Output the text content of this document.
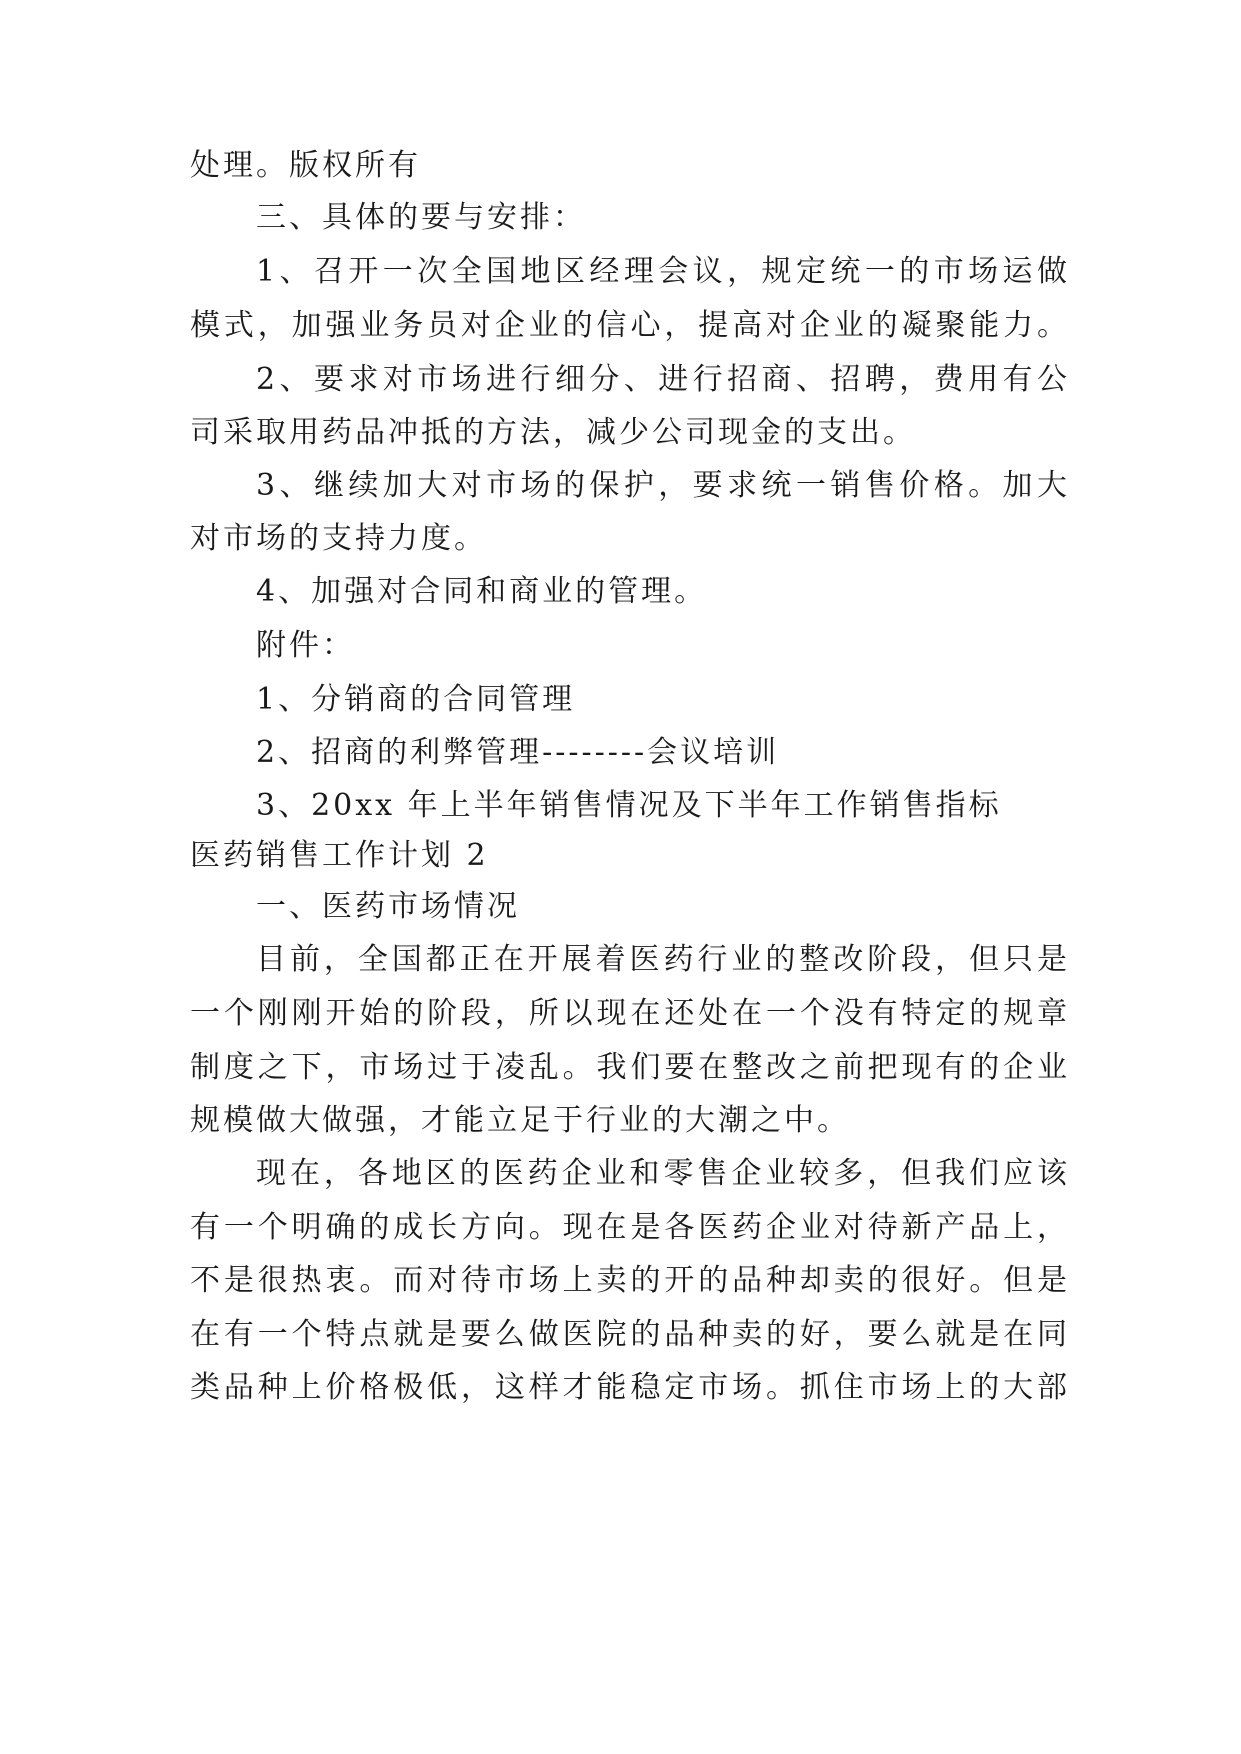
处理。版权所有
三、具体的要与安排：
1、召开一次全国地区经理会议，规定统一的市场运做
模式，加强业务员对企业的信心，提高对企业的凝聚能力。
2、要求对市场进行细分、进行招商、招聘，费用有公
司采取用药品冲抵的方法，减少公司现金的支出。
3、继续加大对市场的保护，要求统一销售价格。加大
对市场的支持力度。
4、加强对合同和商业的管理。
附件：
1、分销商的合同管理
2、招商的利弊管理--------会议培训
3、20xx 年上半年销售情况及下半年工作销售指标
医药销售工作计划 2
一、医药市场情况
目前，全国都正在开展着医药行业的整改阶段，但只是
一个刚刚开始的阶段，所以现在还处在一个没有特定的规章
制度之下，市场过于凌乱。我们要在整改之前把现有的企业
规模做大做强，才能立足于行业的大潮之中。
现在，各地区的医药企业和零售企业较多，但我们应该
有一个明确的成长方向。现在是各医药企业对待新产品上，
不是很热衷。而对待市场上卖的开的品种却卖的很好。但是
在有一个特点就是要么做医院的品种卖的好，要么就是在同
类品种上价格极低，这样才能稳定市场。抓住市场上的大部
